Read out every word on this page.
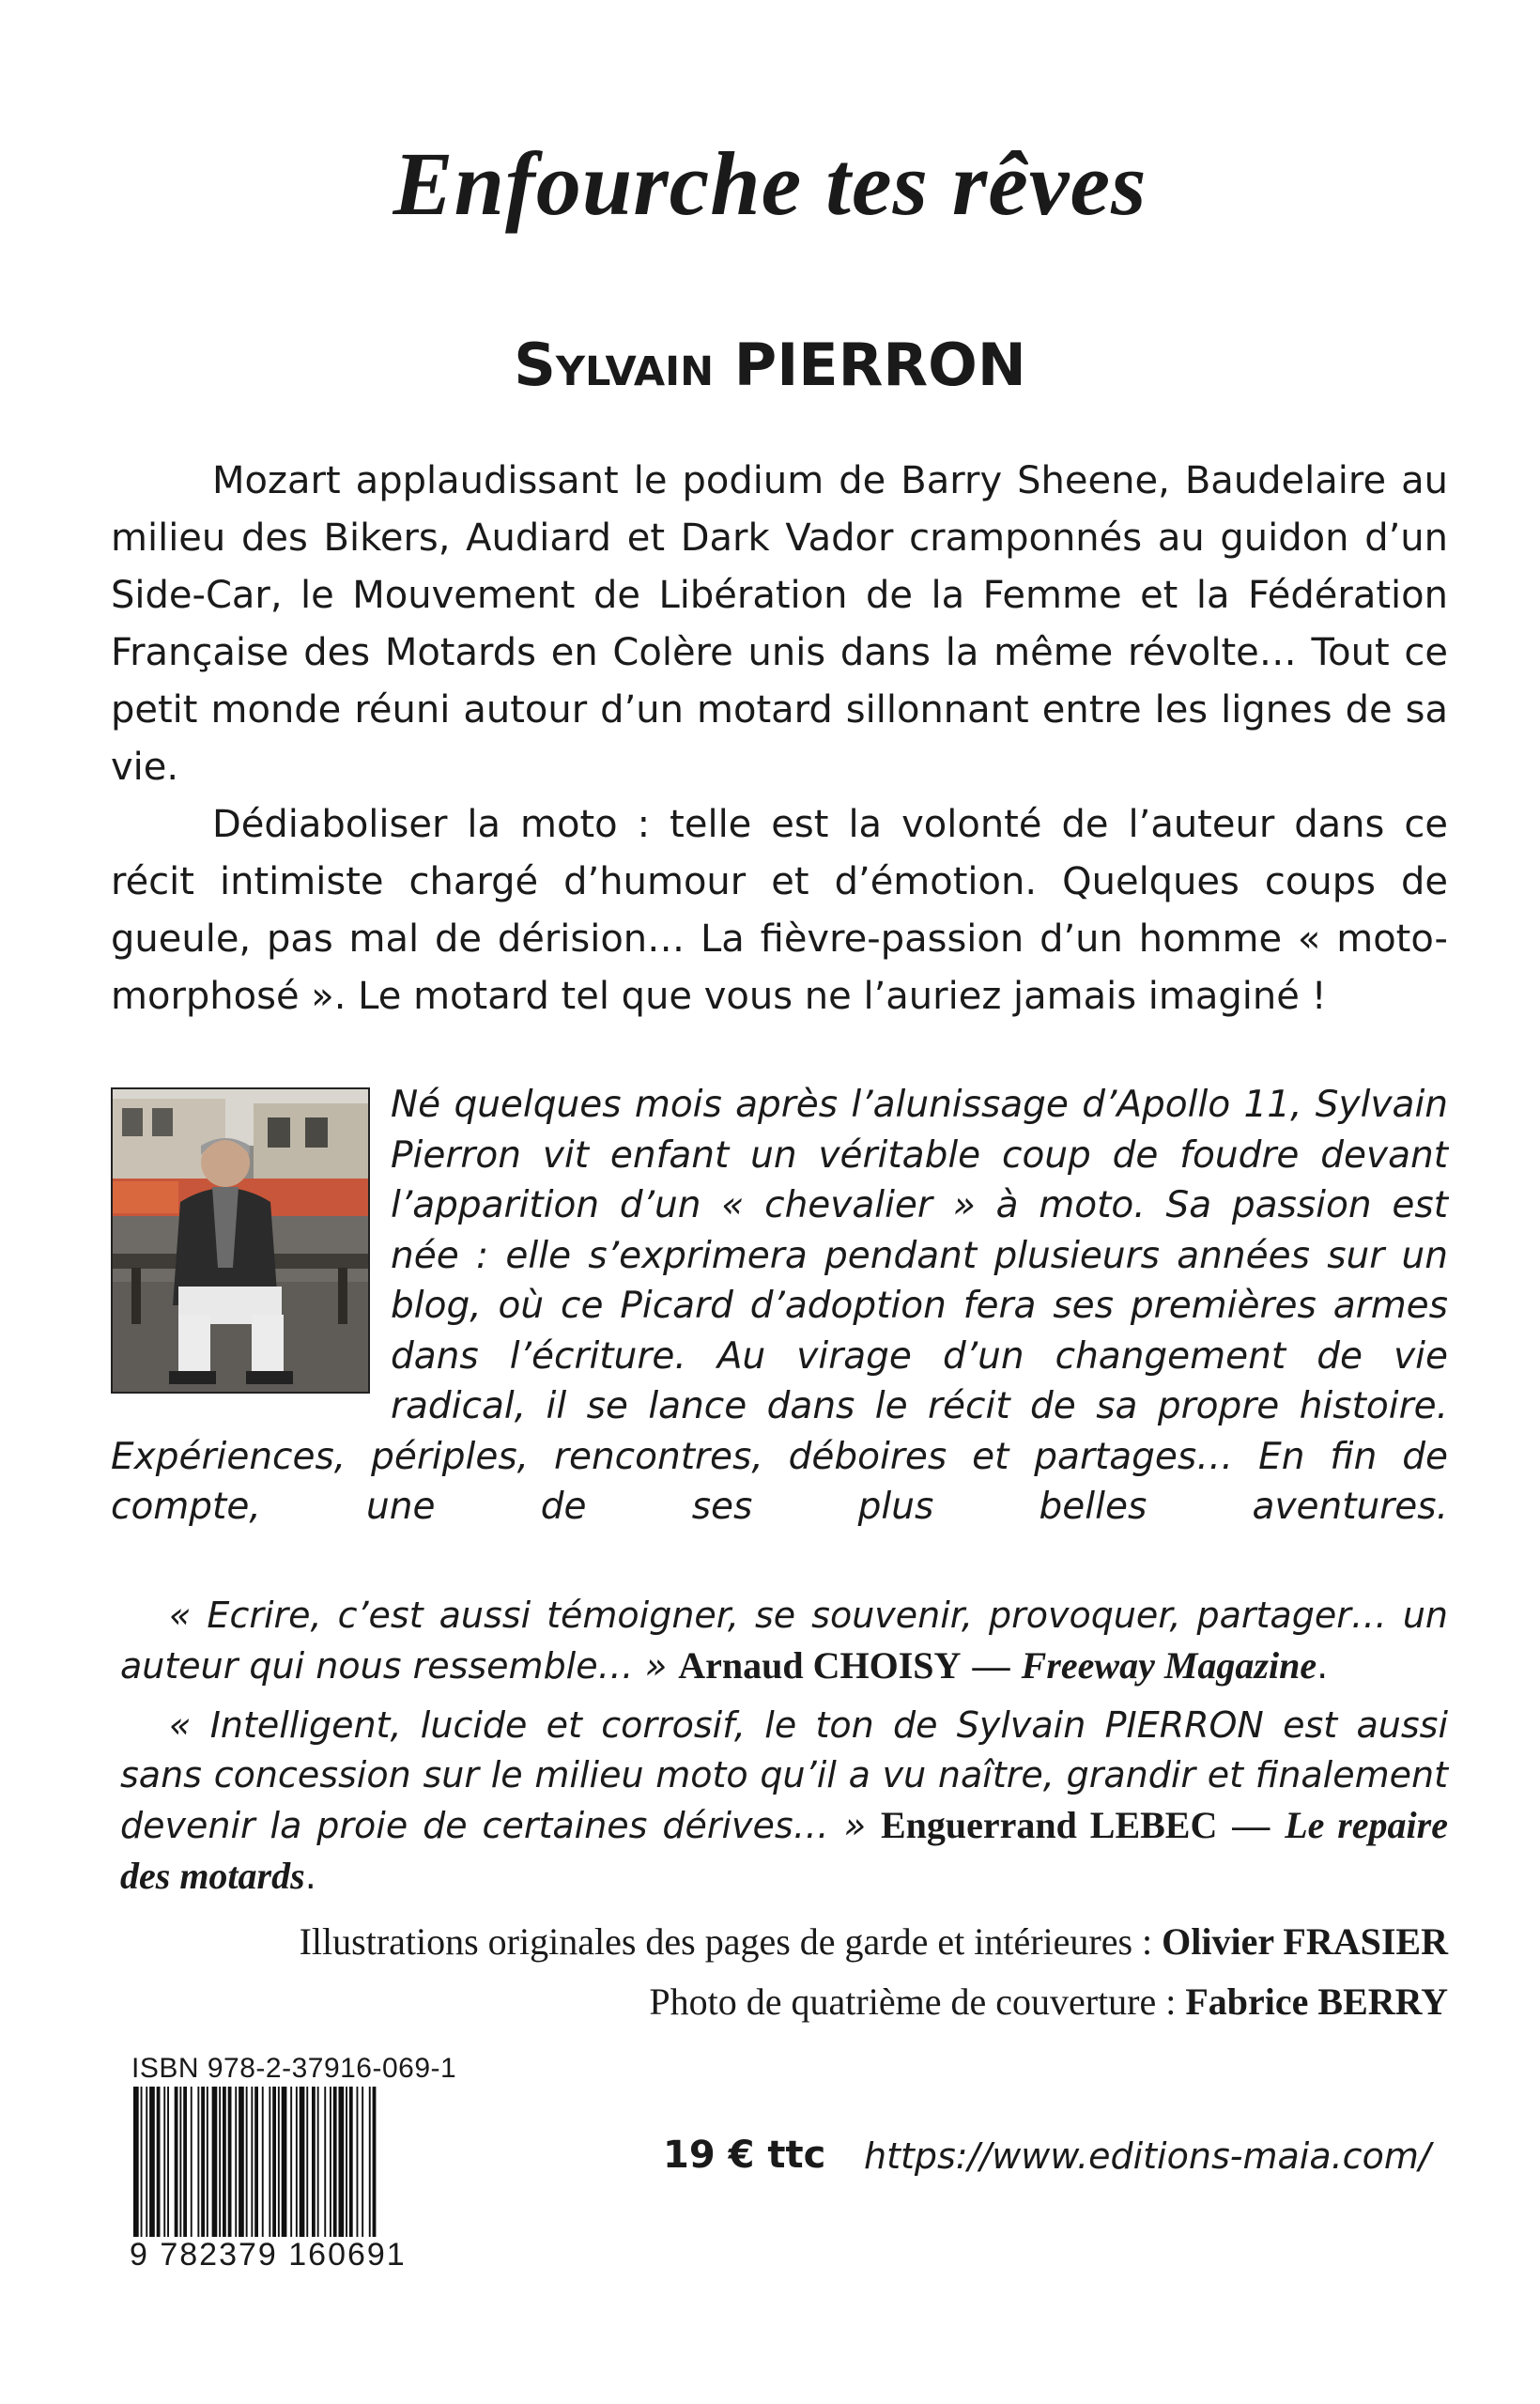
Enfourche tes rêves
Sylvain PIERRON

Mozart applaudissant le podium de Barry Sheene, Baudelaire au milieu des Bikers, Audiard et Dark Vador cramponnés au guidon d’un Side-Car, le Mouvement de Libération de la Femme et la Fédération Française des Motards en Colère unis dans la même révolte… Tout ce petit monde réuni autour d’un motard sillonnant entre les lignes de sa vie.

Dédiaboliser la moto : telle est la volonté de l’auteur dans ce récit intimiste chargé d’humour et d’émotion. Quelques coups de gueule, pas mal de dérision… La fièvre-passion d’un homme « moto-morphosé ». Le motard tel que vous ne l’auriez jamais imaginé !

Né quelques mois après l’alunissage d’Apollo 11, Sylvain Pierron vit enfant un véritable coup de foudre devant l’apparition d’un « chevalier » à moto. Sa passion est née : elle s’exprimera pendant plusieurs années sur un blog, où ce Picard d’adoption fera ses premières armes dans l’écriture. Au virage d’un changement de vie radical, il se lance dans le récit de sa propre histoire. Expériences, périples, rencontres, déboires et partages… En fin de compte, une de ses plus belles aventures.

« Ecrire, c’est aussi témoigner, se souvenir, provoquer, partager… un auteur qui nous ressemble… » Arnaud CHOISY — Freeway Magazine.

« Intelligent, lucide et corrosif, le ton de Sylvain PIERRON est aussi sans concession sur le milieu moto qu’il a vu naître, grandir et finalement devenir la proie de certaines dérives… » Enguerrand LEBEC — Le repaire des motards.

Illustrations originales des pages de garde et intérieures : Olivier FRASIER
Photo de quatrième de couverture : Fabrice BERRY
ISBN 978-2-37916-069-1
9 782379 160691
19 € ttc https://www.editions-maia.com/
